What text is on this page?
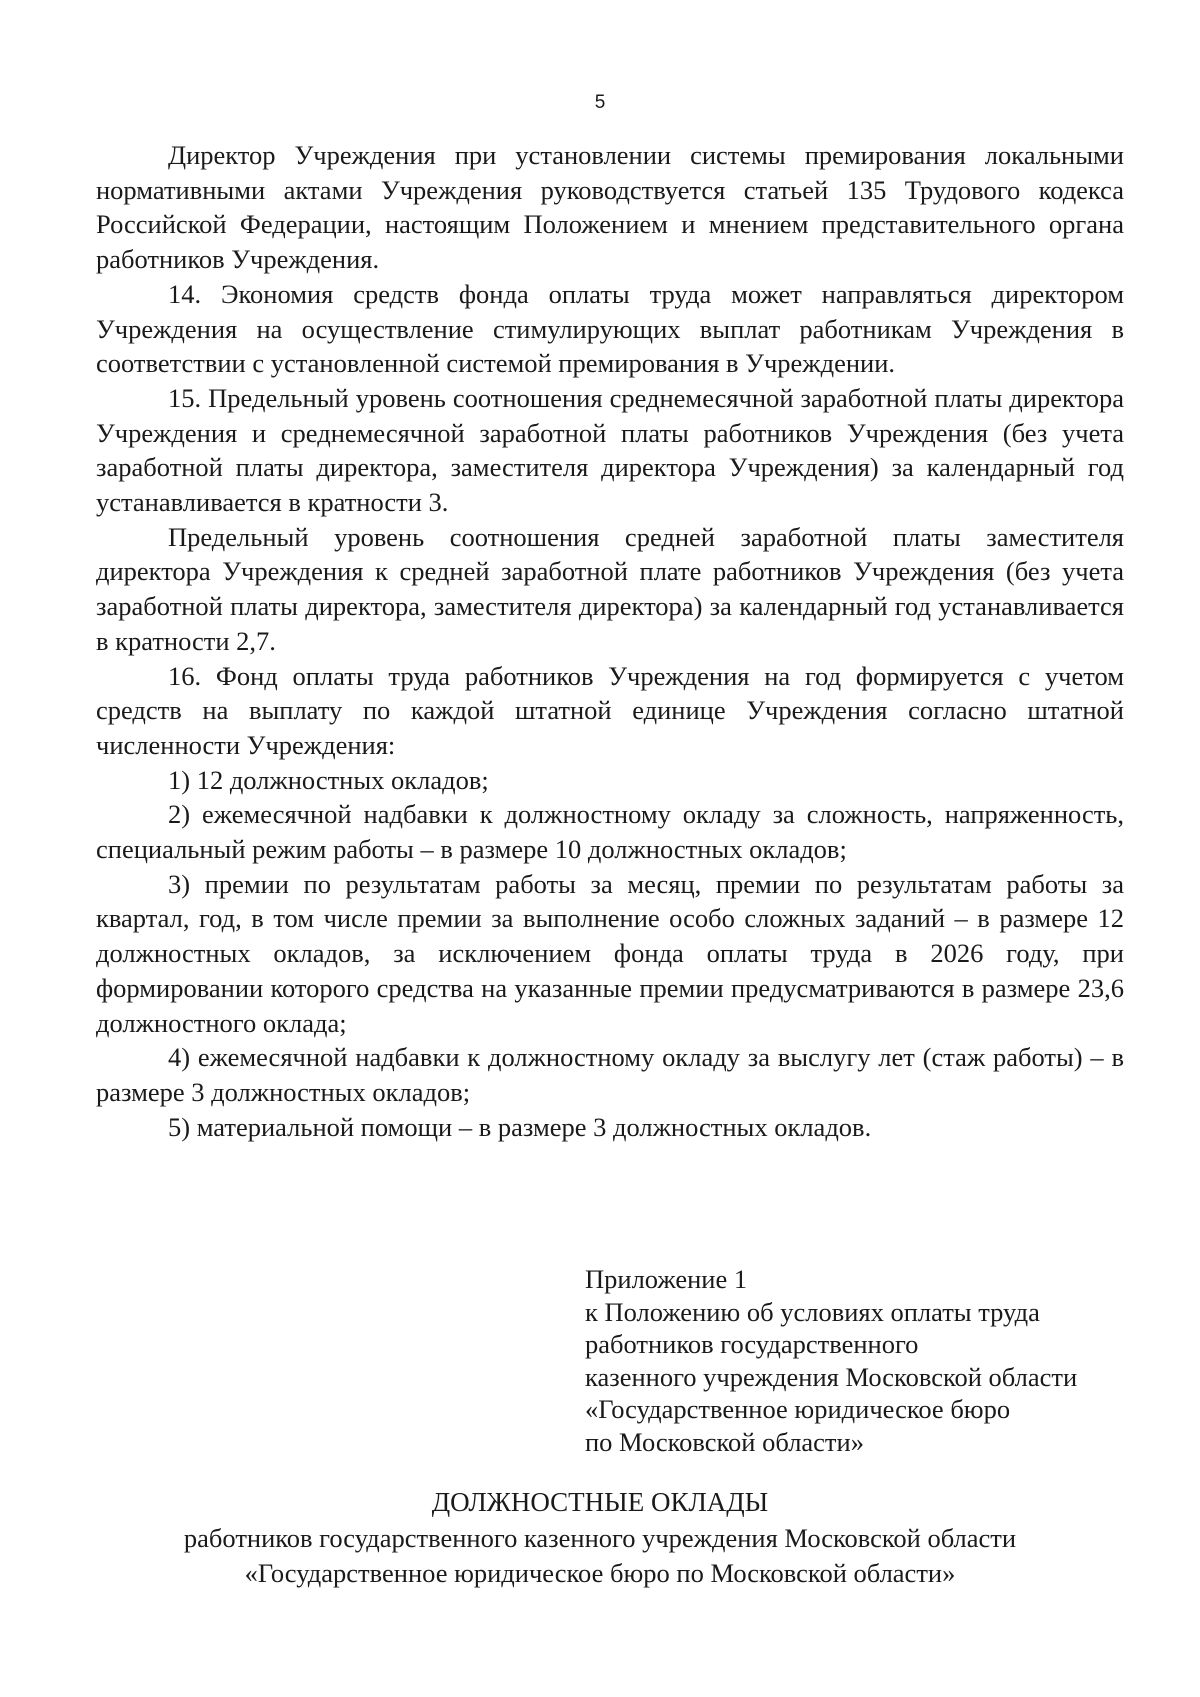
5

Директор Учреждения при установлении системы премирования локальными нормативными актами Учреждения руководствуется статьей 135 Трудового кодекса Российской Федерации, настоящим Положением и мнением представительного органа работников Учреждения.

14. Экономия средств фонда оплаты труда может направляться директором Учреждения на осуществление стимулирующих выплат работникам Учреждения в соответствии с установленной системой премирования в Учреждении.

15. Предельный уровень соотношения среднемесячной заработной платы директора Учреждения и среднемесячной заработной платы работников Учреждения (без учета заработной платы директора, заместителя директора Учреждения) за календарный год устанавливается в кратности 3.

Предельный уровень соотношения средней заработной платы заместителя директора Учреждения к средней заработной плате работников Учреждения (без учета заработной платы директора, заместителя директора) за календарный год устанавливается в кратности 2,7.

16. Фонд оплаты труда работников Учреждения на год формируется с учетом средств на выплату по каждой штатной единице Учреждения согласно штатной численности Учреждения:

1) 12 должностных окладов;

2) ежемесячной надбавки к должностному окладу за сложность, напряженность, специальный режим работы – в размере 10 должностных окладов;

3) премии по результатам работы за месяц, премии по результатам работы за квартал, год, в том числе премии за выполнение особо сложных заданий – в размере 12 должностных окладов, за исключением фонда оплаты труда в 2026 году, при формировании которого средства на указанные премии предусматриваются в размере 23,6 должностного оклада;

4) ежемесячной надбавки к должностному окладу за выслугу лет (стаж работы) – в размере 3 должностных окладов;

5) материальной помощи – в размере 3 должностных окладов.

Приложение 1
к Положению об условиях оплаты труда
работников государственного
казенного учреждения Московской области
«Государственное юридическое бюро
по Московской области»
ДОЛЖНОСТНЫЕ ОКЛАДЫ
работников государственного казенного учреждения Московской области
«Государственное юридическое бюро по Московской области»
